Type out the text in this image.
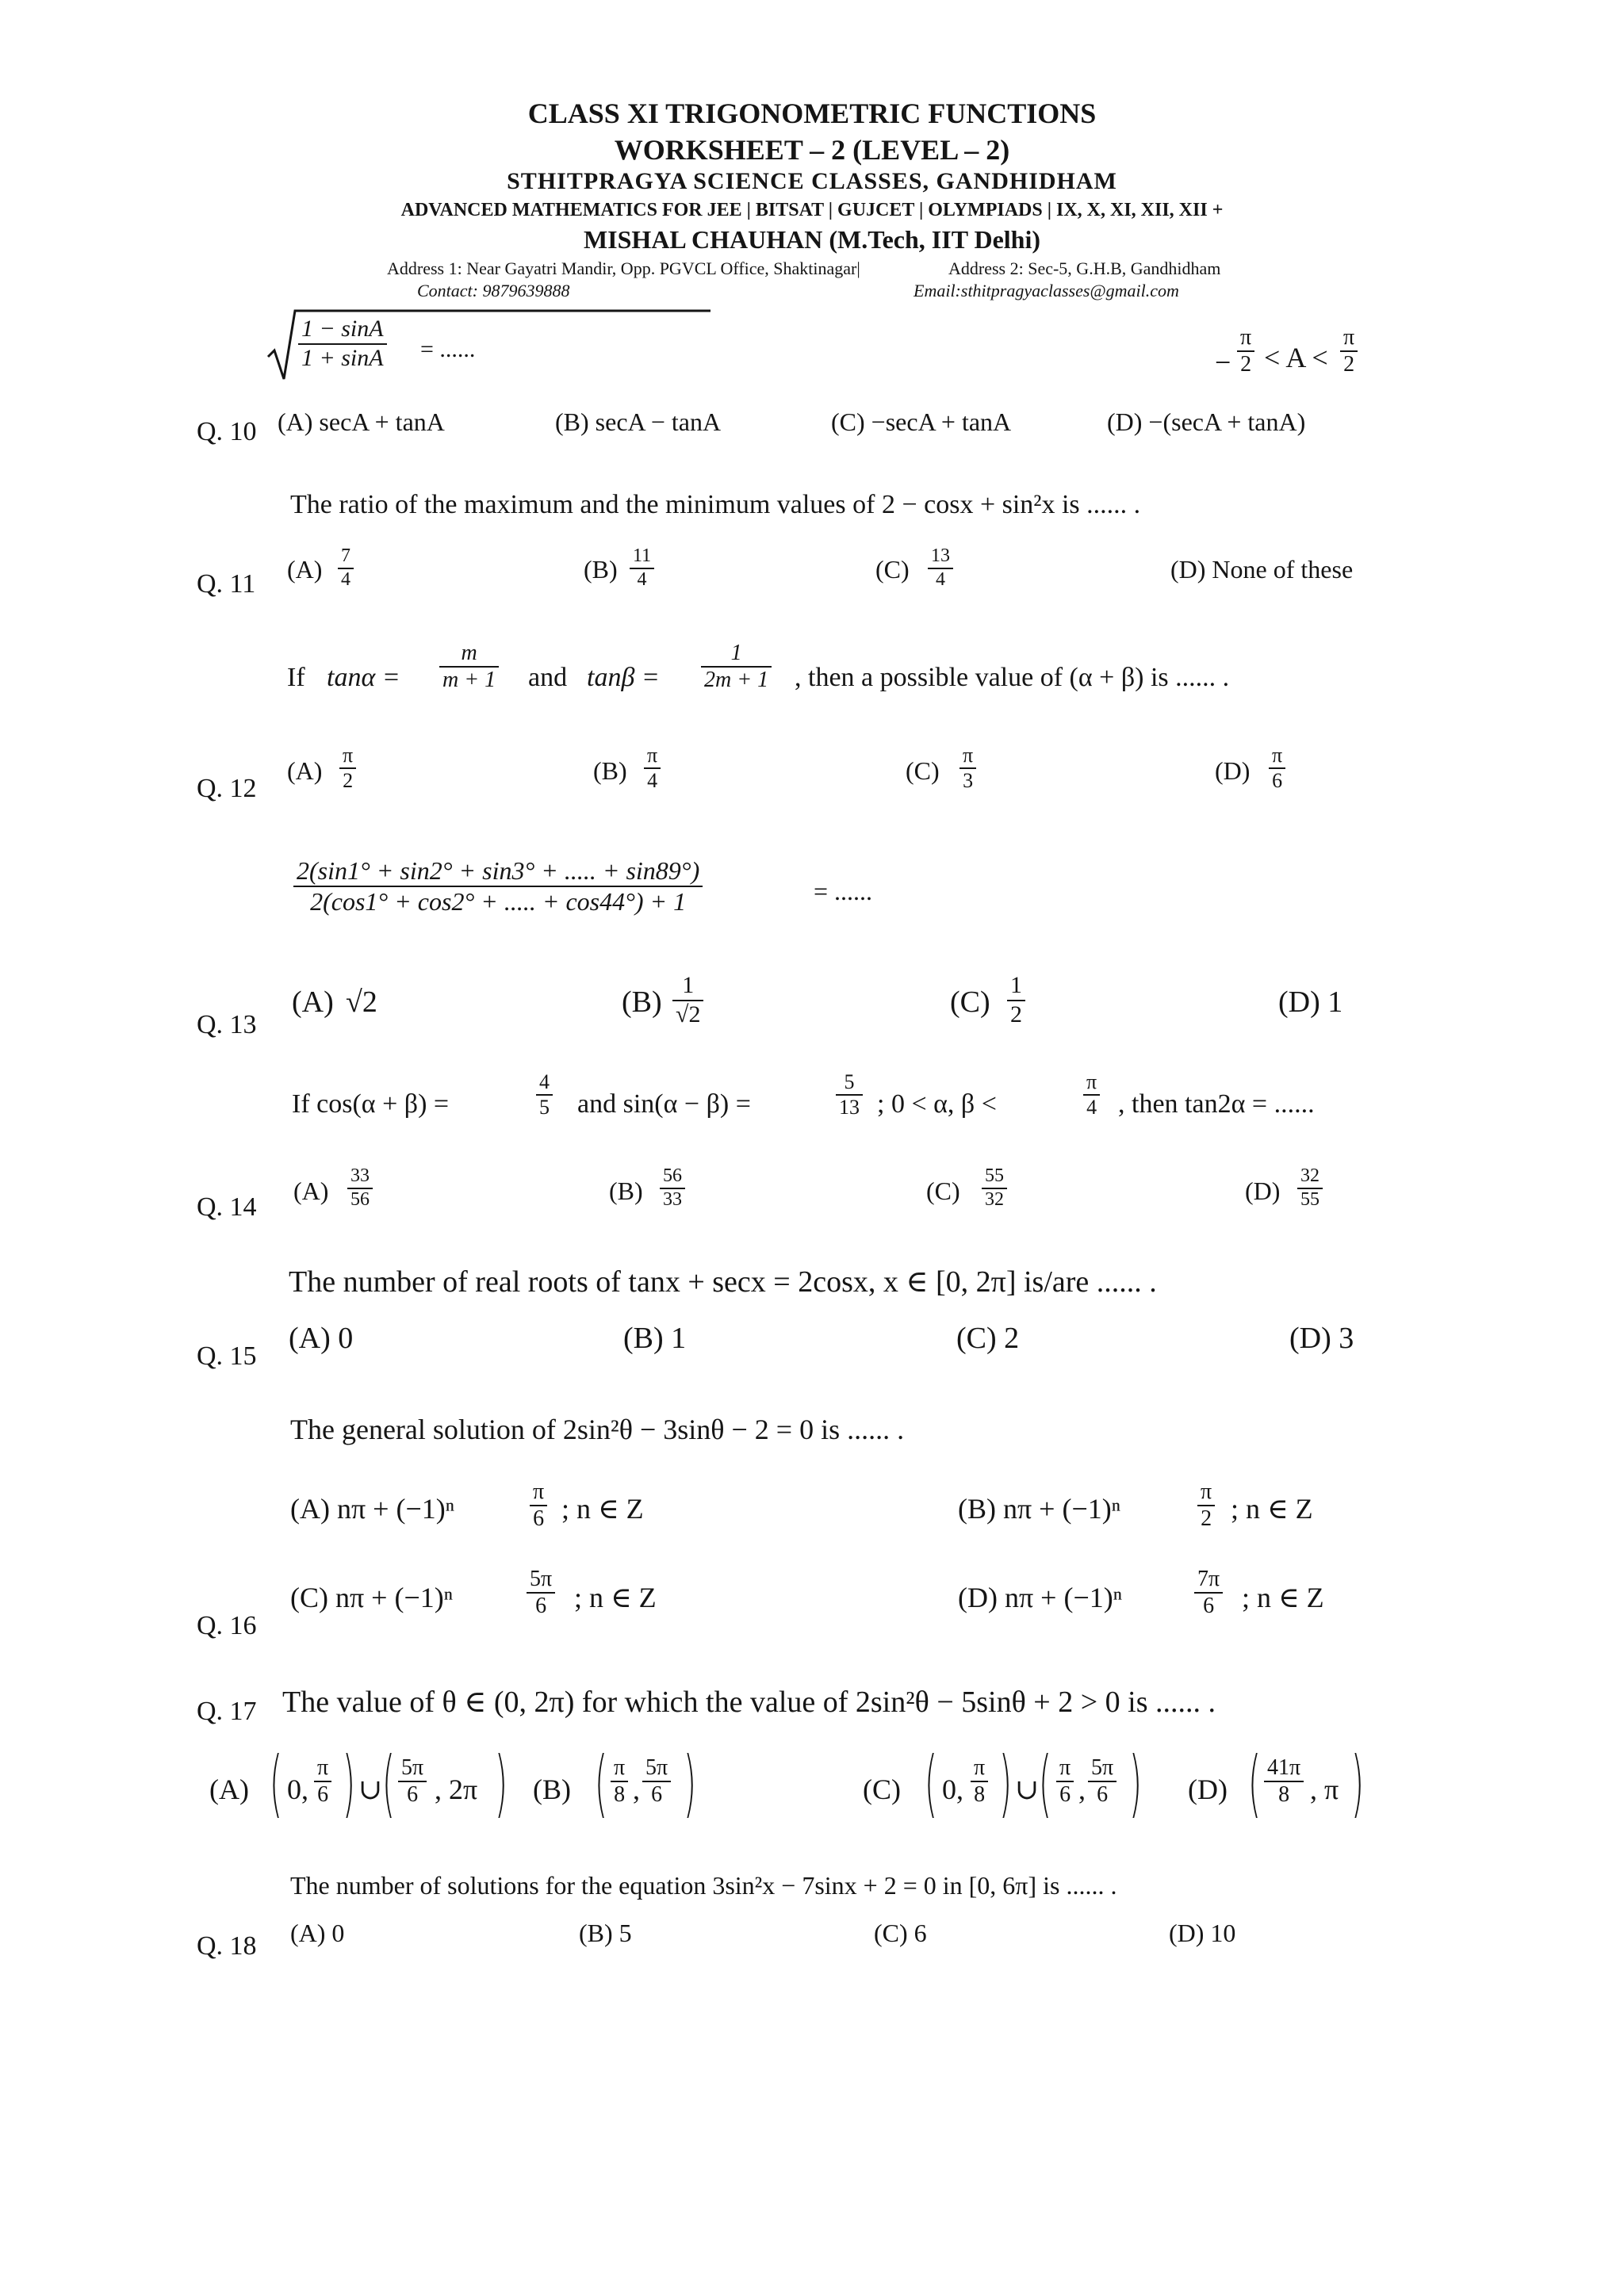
CLASS XI TRIGONOMETRIC FUNCTIONS
WORKSHEET – 2 (LEVEL – 2)
STHITPRAGYA SCIENCE CLASSES, GANDHIDHAM
ADVANCED MATHEMATICS FOR JEE | BITSAT | GUJCET | OLYMPIADS | IX, X, XI, XII, XII +
MISHAL CHAUHAN (M.Tech, IIT Delhi)
Address 1: Near Gayatri Mandir, Opp. PGVCL Office, Shaktinagar|	Address 2: Sec-5, G.H.B, Gandhidham
Contact: 9879639888	Email:sthitpragyaclasses@gmail.com
$\frac{1 - \sin A}{1 + \sin A}$ = ......	− $\frac{\pi}{2} < A < \frac{\pi}{2}$
Q. 10 (A) secA + tanA	(B) secA − tanA	(C) −secA + tanA	(D) −(secA + tanA)
The ratio of the maximum and the minimum values of 2 − cosx + sin²x is ...... .
Q. 11 $(A) \frac{7}{4}$	$(B) \frac{11}{4}$	$(C) \frac{13}{4}$	(D) None of these
If $\tan\alpha = \frac{m}{m + 1}$ and $\tan\beta = \frac{1}{2m + 1}$ , then a possible value of (α + β) is ...... .
Q. 12
$(A) \frac{\pi}{2}$	$(B) \frac{\pi}{4}$	$(C) \frac{\pi}{3}$	$(D) \frac{\pi}{6}$
$\frac{2(\sin 1^\circ + \sin 2^\circ + \sin 3^\circ + ..... + \sin 89^\circ)}{2(\cos 1^\circ + \cos 2^\circ + ..... + \cos 44^\circ) + 1}$	= ......
Q. 13
(A) √2	$(B) \frac{1}{√2}$	$(C) \frac{1}{2}$	(D) 1
If cos(α + β) =	$\frac{4}{5}$ and sin(α − β) =	$\frac{5}{13}$ ; 0 < α, β <	$\frac{\pi}{4}$ , then tan2α = ......
Q. 14
$(A) \frac{33}{56}$	$(B) \frac{56}{33}$	$(C) \frac{55}{32}$	$(D) \frac{32}{55}$
The number of real roots of tanx + secx = 2cosx, x ∈ [0, 2π] is/are ...... .
Q. 15
(A) 0	(B) 1	(C) 2	(D) 3
The general solution of 2sin²θ − 3sinθ − 2 = 0 is ...... .
(A) nπ + (−1)ⁿ	$\frac{\pi}{6}$ ; n ∈ Z	(B) nπ + (−1)ⁿ	$\frac{\pi}{2}$ ; n ∈ Z
Q. 16
(C) nπ + (−1)ⁿ	$\frac{5\pi}{6}$ ; n ∈ Z	(D) nπ + (−1)ⁿ	$\frac{7\pi}{6}$ ; n ∈ Z
Q. 17 The value of θ ∈ (0, 2π) for which the value of 2sin²θ − 5sinθ + 2 > 0 is ...... .
(A) ( 0, $\frac{\pi}{6}$ ) ∪ ( $\frac{5\pi}{6}$ , 2π ) (B) ( $\frac{\pi}{8}$ , $\frac{5\pi}{6}$ )	(C) ( 0, $\frac{\pi}{8}$ ) ∪ ( $\frac{\pi}{6}$ , $\frac{5\pi}{6}$ ) (D) ( $\frac{41\pi}{8}$ , π )
The number of solutions for the equation 3sin²x − 7sinx + 2 = 0 in [0, 6π] is ...... .
Q. 18 (A) 0	(B) 5	(C) 6	(D) 10
